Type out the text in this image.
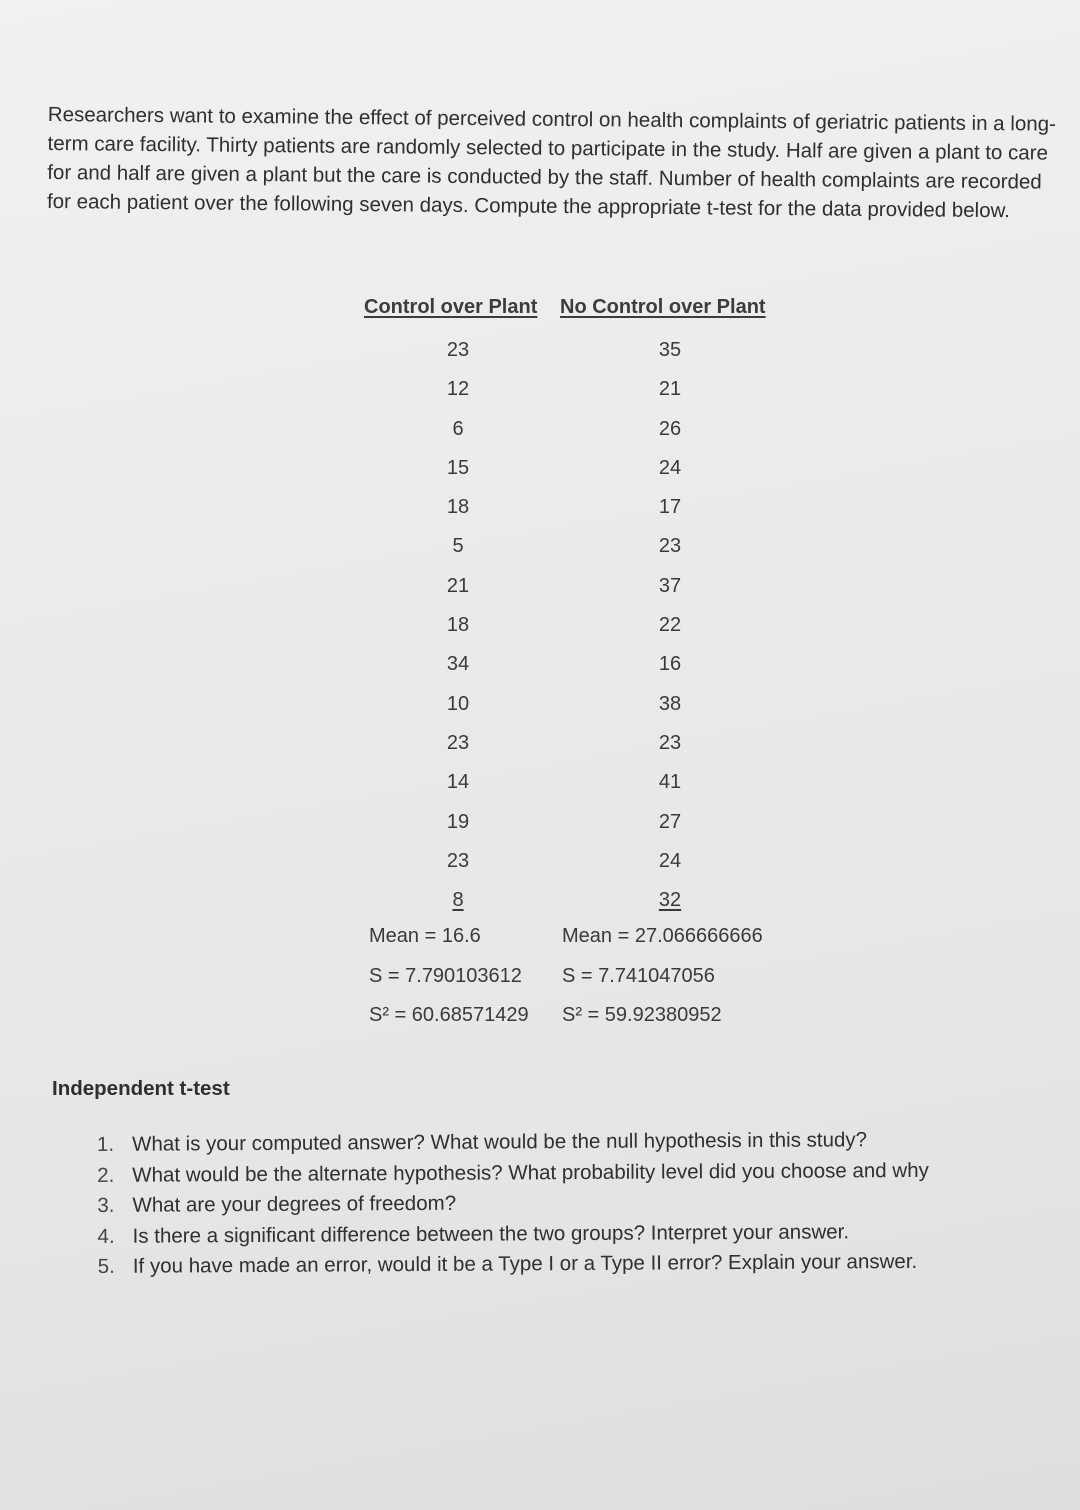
Researchers want to examine the effect of perceived control on health complaints of geriatric patients in a long-term care facility. Thirty patients are randomly selected to participate in the study. Half are given a plant to care for and half are given a plant but the care is conducted by the staff. Number of health complaints are recorded for each patient over the following seven days. Compute the appropriate t-test for the data provided below.

Control over Plant No Control over Plant
23
12
6
15
18
5
21
18
34
10
23
14
19
23
8
35
21
26
24
17
23
37
22
16
38
23
41
27
24
32
Mean = 16.6	Mean = 27.066666666
S = 7.790103612 S = 7.741047056
S² = 60.68571429 S² = 59.92380952
Independent t-test
1. What is your computed answer? What would be the null hypothesis in this study?
2. What would be the alternate hypothesis? What probability level did you choose and why
3. What are your degrees of freedom?
4. Is there a significant difference between the two groups? Interpret your answer.
5. If you have made an error, would it be a Type I or a Type II error? Explain your answer.
